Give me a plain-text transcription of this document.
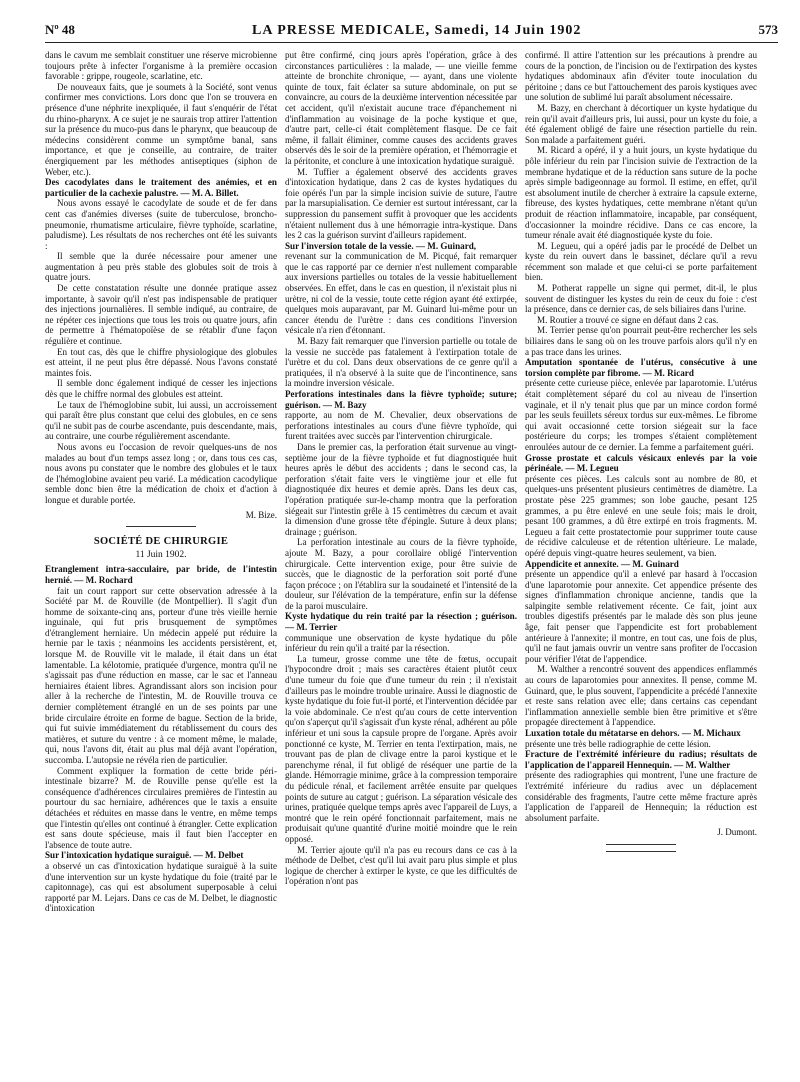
Nº 48	LA PRESSE MEDICALE, Samedi, 14 Juin 1902	573

dans le cavum me semblait constituer une réserve microbienne toujours prête à infecter l'organisme à la première occasion favorable : grippe, rougeole, scarlatine, etc.

De nouveaux faits, que je soumets à la Société, sont venus confirmer mes convictions. Lors donc que l'on se trouvera en présence d'une néphrite inexpliquée, il faut s'enquérir de l'état du rhino-pharynx. A ce sujet je ne saurais trop attirer l'attention sur la présence du muco-pus dans le pharynx, que beaucoup de médecins considèrent comme un symptôme banal, sans importance, et que je conseille, au contraire, de traiter énergiquement par les méthodes antiseptiques (siphon de Weber, etc.).

Des cacodylates dans le traitement des anémies, et en particulier de la cachexie palustre. — M. A. Billet.

Nous avons essayé le cacodylate de soude et de fer dans cent cas d'anémies diverses (suite de tuberculose, broncho-pneumonie, rhumatisme articulaire, fièvre typhoïde, scarlatine, paludisme). Les résultats de nos recherches ont été les suivants :

Il semble que la durée nécessaire pour amener une augmentation à peu près stable des globules soit de trois à quatre jours.

De cette constatation résulte une donnée pratique assez importante, à savoir qu'il n'est pas indispensable de pratiquer des injections journalières. Il semble indiqué, au contraire, de ne répéter ces injections que tous les trois ou quatre jours, afin de permettre à l'hématopoïèse de se rétablir d'une façon régulière et continue.

En tout cas, dès que le chiffre physiologique des globules est atteint, il ne peut plus être dépassé. Nous l'avons constaté maintes fois.

Il semble donc également indiqué de cesser les injections dès que le chiffre normal des globules est atteint.

Le taux de l'hémoglobine subit, lui aussi, un accroissement qui paraît être plus constant que celui des globules, en ce sens qu'il ne subit pas de courbe ascendante, puis descendante, mais, au contraire, une courbe régulièrement ascendante.

Nous avons eu l'occasion de revoir quelques-uns de nos malades au bout d'un temps assez long ; or, dans tous ces cas, nous avons pu constater que le nombre des globules et le taux de l'hémoglobine avaient peu varié. La médication cacodylique semble donc bien être la médication de choix et d'action à longue et durable portée.

M. Bize.
SOCIÉTÉ DE CHIRURGIE
11 Juin 1902.

Etranglement intra-sacculaire, par bride, de l'intestin hernié. — M. Rochard

fait un court rapport sur cette observation adressée à la Société par M. de Rouville (de Montpellier). Il s'agit d'un homme de soixante-cinq ans, porteur d'une très vieille hernie inguinale, qui fut pris brusquement de symptômes d'étranglement herniaire. Un médecin appelé put réduire la hernie par le taxis ; néanmoins les accidents persistèrent, et, lorsque M. de Rouville vit le malade, il était dans un état lamentable. La kélotomie, pratiquée d'urgence, montra qu'il ne s'agissait pas d'une réduction en masse, car le sac et l'anneau herniaires étaient libres. Agrandissant alors son incision pour aller à la recherche de l'intestin, M. de Rouville trouva ce dernier complètement étranglé en un de ses points par une bride circulaire étroite en forme de bague. Section de la bride, qui fut suivie immédiatement du rétablissement du cours des matières, et suture du ventre : à ce moment même, le malade, qui, nous l'avons dit, était au plus mal déjà avant l'opération, succomba. L'autopsie ne révéla rien de particulier.

Comment expliquer la formation de cette bride péri-intestinale bizarre? M. de Rouville pense qu'elle est la conséquence d'adhérences circulaires premières de l'intestin au pourtour du sac herniaire, adhérences que le taxis a ensuite détachées et réduites en masse dans le ventre, en même temps que l'intestin qu'elles ont continué à étrangler. Cette explication est sans doute spécieuse, mais il faut bien l'accepter en l'absence de toute autre.

Sur l'intoxication hydatique suraiguë. — M. Delbet

a observé un cas d'intoxication hydatique suraiguë à la suite d'une intervention sur un kyste hydatique du foie (traité par le capitonnage), cas qui est absolument superposable à celui rapporté par M. Lejars. Dans ce cas de M. Delbet, le diagnostic d'intoxication

put être confirmé, cinq jours après l'opération, grâce à des circonstances particulières : la malade, — une vieille femme atteinte de bronchite chronique, — ayant, dans une violente quinte de toux, fait éclater sa suture abdominale, on put se convaincre, au cours de la deuxième intervention nécessitée par cet accident, qu'il n'existait aucune trace d'épanchement ni d'inflammation au voisinage de la poche kystique et que, d'autre part, celle-ci était complètement flasque. De ce fait même, il fallait éliminer, comme causes des accidents graves observés dès le soir de la première opération, et l'hémorragie et la péritonite, et conclure à une intoxication hydatique suraiguë.

M. Tuffier a également observé des accidents graves d'intoxication hydatique, dans 2 cas de kystes hydatiques du foie opérés l'un par la simple incision suivie de suture, l'autre par la marsupialisation. Ce dernier est surtout intéressant, car la suppression du pansement suffit à provoquer que les accidents n'étaient nullement dus à une hémorragie intra-kystique. Dans les 2 cas la guérison survint d'ailleurs rapidement.

Sur l'inversion totale de la vessie. — M. Guinard,

revenant sur la communication de M. Picqué, fait remarquer que le cas rapporté par ce dernier n'est nullement comparable aux inversions partielles ou totales de la vessie habituellement observées. En effet, dans le cas en question, il n'existait plus ni urètre, ni col de la vessie, toute cette région ayant été extirpée, quelques mois auparavant, par M. Guinard lui-même pour un cancer étendu de l'urètre : dans ces conditions l'inversion vésicale n'a rien d'étonnant.

M. Bazy fait remarquer que l'inversion partielle ou totale de la vessie ne succède pas fatalement à l'extirpation totale de l'urètre et du col. Dans deux observations de ce genre qu'il a pratiquées, il n'a observé à la suite que de l'incontinence, sans la moindre inversion vésicale.

Perforations intestinales dans la fièvre typhoïde; suture; guérison. — M. Bazy

rapporte, au nom de M. Chevalier, deux observations de perforations intestinales au cours d'une fièvre typhoïde, qui furent traitées avec succès par l'intervention chirurgicale.

Dans le premier cas, la perforation était survenue au vingt-septième jour de la fièvre typhoïde et fut diagnostiquée huit heures après le début des accidents ; dans le second cas, la perforation s'était faite vers le vingtième jour et elle fut diagnostiquée dix heures et demie après. Dans les deux cas, l'opération pratiquée sur-le-champ montra que la perforation siégeait sur l'intestin grêle à 15 centimètres du cæcum et avait la dimension d'une grosse tête d'épingle. Suture à deux plans; drainage ; guérison.

La perforation intestinale au cours de la fièvre typhoïde, ajoute M. Bazy, a pour corollaire obligé l'intervention chirurgicale. Cette intervention exige, pour être suivie de succès, que le diagnostic de la perforation soit porté d'une façon précoce ; on l'établira sur la soudaineté et l'intensité de la douleur, sur l'élévation de la température, enfin sur la défense de la paroi musculaire.

Kyste hydatique du rein traité par la résection ; guérison. — M. Terrier

communique une observation de kyste hydatique du pôle inférieur du rein qu'il a traité par la résection.

La tumeur, grosse comme une tête de fœtus, occupait l'hypocondre droit ; mais ses caractères étaient plutôt ceux d'une tumeur du foie que d'une tumeur du rein ; il n'existait d'ailleurs pas le moindre trouble urinaire. Aussi le diagnostic de kyste hydatique du foie fut-il porté, et l'intervention décidée par la voie abdominale. Ce n'est qu'au cours de cette intervention qu'on s'aperçut qu'il s'agissait d'un kyste rénal, adhérent au pôle inférieur et uni sous la capsule propre de l'organe. Après avoir ponctionné ce kyste, M. Terrier en tenta l'extirpation, mais, ne trouvant pas de plan de clivage entre la paroi kystique et le parenchyme rénal, il fut obligé de réséquer une partie de la glande. Hémorragie minime, grâce à la compression temporaire du pédicule rénal, et facilement arrêtée ensuite par quelques points de suture au catgut ; guérison. La séparation vésicale des urines, pratiquée quelque temps après avec l'appareil de Luys, a montré que le rein opéré fonctionnait parfaitement, mais ne produisait qu'une quantité d'urine moitié moindre que le rein opposé.

M. Terrier ajoute qu'il n'a pas eu recours dans ce cas à la méthode de Delbet, c'est qu'il lui avait paru plus simple et plus logique de chercher à extirper le kyste, ce que les difficultés de l'opération n'ont pas

confirmé. Il attire l'attention sur les précautions à prendre au cours de la ponction, de l'incision ou de l'extirpation des kystes hydatiques abdominaux afin d'éviter toute inoculation du péritoine ; dans ce but l'attouchement des parois kystiques avec une solution de sublimé lui paraît absolument nécessaire.

M. Bazy, en cherchant à décortiquer un kyste hydatique du rein qu'il avait d'ailleurs pris, lui aussi, pour un kyste du foie, a été également obligé de faire une résection partielle du rein. Son malade a parfaitement guéri.

M. Ricard a opéré, il y a huit jours, un kyste hydatique du pôle inférieur du rein par l'incision suivie de l'extraction de la membrane hydatique et de la réduction sans suture de la poche après simple badigeonnage au formol. Il estime, en effet, qu'il est absolument inutile de chercher à extraire la capsule externe, fibreuse, des kystes hydatiques, cette membrane n'étant qu'un produit de réaction inflammatoire, incapable, par conséquent, d'occasionner la moindre récidive. Dans ce cas encore, la tumeur rénale avait été diagnostiquée kyste du foie.

M. Legueu, qui a opéré jadis par le procédé de Delbet un kyste du rein ouvert dans le bassinet, déclare qu'il a revu récemment son malade et que celui-ci se porte parfaitement bien.

M. Potherat rappelle un signe qui permet, dit-il, le plus souvent de distinguer les kystes du rein de ceux du foie : c'est la présence, dans ce dernier cas, de sels biliaires dans l'urine.

M. Routier a trouvé ce signe en défaut dans 2 cas.

M. Terrier pense qu'on pourrait peut-être rechercher les sels biliaires dans le sang où on les trouve parfois alors qu'il n'y en a pas trace dans les urines.

Amputation spontanée de l'utérus, consécutive à une torsion complète par fibrome. — M. Ricard

présente cette curieuse pièce, enlevée par laparotomie. L'utérus était complètement séparé du col au niveau de l'insertion vaginale, et il n'y tenait plus que par un mince cordon formé par les seuls feuillets séreux tordus sur eux-mêmes. Le fibrome qui avait occasionné cette torsion siégeait sur la face postérieure du corps; les trompes s'étaient complètement enroulées autour de ce dernier. La femme a parfaitement guéri.

Grosse prostate et calculs vésicaux enlevés par la voie périnéale. — M. Legueu

présente ces pièces. Les calculs sont au nombre de 80, et quelques-uns présentent plusieurs centimètres de diamètre. La prostate pèse 225 grammes; son lobe gauche, pesant 125 grammes, a pu être enlevé en une seule fois; mais le droit, pesant 100 grammes, a dû être extirpé en trois fragments. M. Legueu a fait cette prostatectomie pour supprimer toute cause de récidive calculeuse et de rétention ultérieure. Le malade, opéré depuis vingt-quatre heures seulement, va bien.

Appendicite et annexite. — M. Guinard

présente un appendice qu'il a enlevé par hasard à l'occasion d'une laparotomie pour annexite. Cet appendice présente des signes d'inflammation chronique ancienne, tandis que la salpingite semble relativement récente. Ce fait, joint aux troubles digestifs présentés par le malade dès son plus jeune âge, fait penser que l'appendicite est fort probablement antérieure à l'annexite; il montre, en tout cas, une fois de plus, qu'il ne faut jamais ouvrir un ventre sans profiter de l'occasion pour vérifier l'état de l'appendice.

M. Walther a rencontré souvent des appendices enflammés au cours de laparotomies pour annexites. Il pense, comme M. Guinard, que, le plus souvent, l'appendicite a précédé l'annexite et reste sans relation avec elle; dans certains cas cependant l'inflammation annexielle semble bien être primitive et s'être propagée directement à l'appendice.

Luxation totale du métatarse en dehors. — M. Michaux

présente une très belle radiographie de cette lésion.

Fracture de l'extrémité inférieure du radius; résultats de l'application de l'appareil Hennequin. — M. Walther

présente des radiographies qui montrent, l'une une fracture de l'extrémité inférieure du radius avec un déplacement considérable des fragments, l'autre cette même fracture après l'application de l'appareil de Hennequin; la réduction est absolument parfaite.

J. Dumont.
